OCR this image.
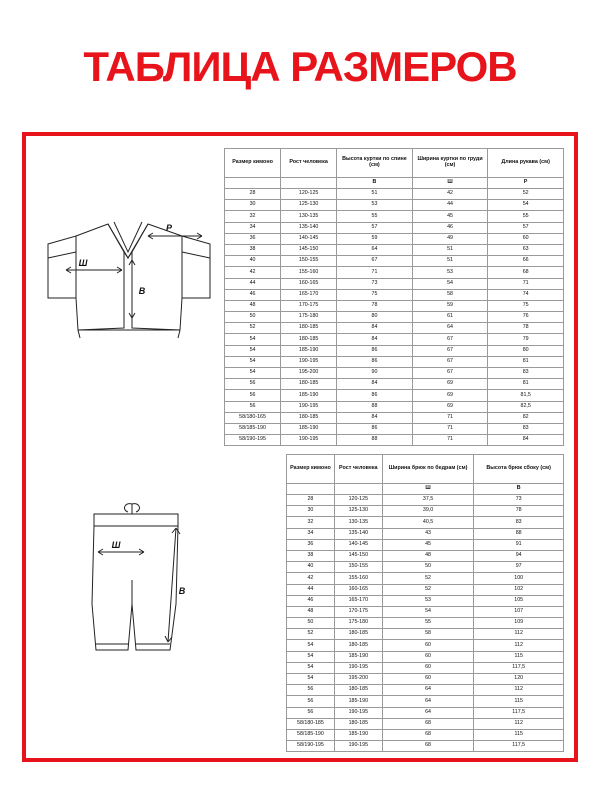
ТАБЛИЦА РАЗМЕРОВ
Р
Ш
В
Размер кимоно	Рост человека	Высота куртки по спине (см)	Ширина куртки по груди (см)	Длина рукава (см)
		В	Ш	Р
28	120-125	51	42	52
30	125-130	53	44	54
32	130-135	55	45	55
34	135-140	57	46	57
36	140-145	59	49	60
38	145-150	64	51	63
40	150-155	67	51	66
42	155-160	71	53	68
44	160-165	73	54	71
46	165-170	75	58	74
48	170-175	78	59	75
50	175-180	80	61	76
52	180-185	84	64	78
54	180-185	84	67	79
54	185-190	86	67	80
54	190-195	86	67	81
54	195-200	90	67	83
56	180-185	84	69	81
56	185-190	86	69	81,5
56	190-195	88	69	82,5
58/180-165	180-185	84	71	82
58/185-190	185-190	86	71	83
58/190-195	190-195	88	71	84
Ш
В
Размер кимоно	Рост человека	Ширина брюк по бедрам (см)	Высота брюк сбоку (см)
		Ш	В
28	120-125	37,5	73
30	125-130	39,0	78
32	130-135	40,5	83
34	135-140	43	88
36	140-145	45	91
38	145-150	48	94
40	150-155	50	97
42	155-160	52	100
44	160-165	52	102
46	165-170	53	105
48	170-175	54	107
50	175-180	55	109
52	180-185	58	112
54	180-185	60	112
54	185-190	60	115
54	190-195	60	117,5
54	195-200	60	120
56	180-185	64	112
56	185-190	64	115
56	190-195	64	117,5
58/180-185	180-185	68	112
58/185-190	185-190	68	115
58/190-195	190-195	68	117,5
